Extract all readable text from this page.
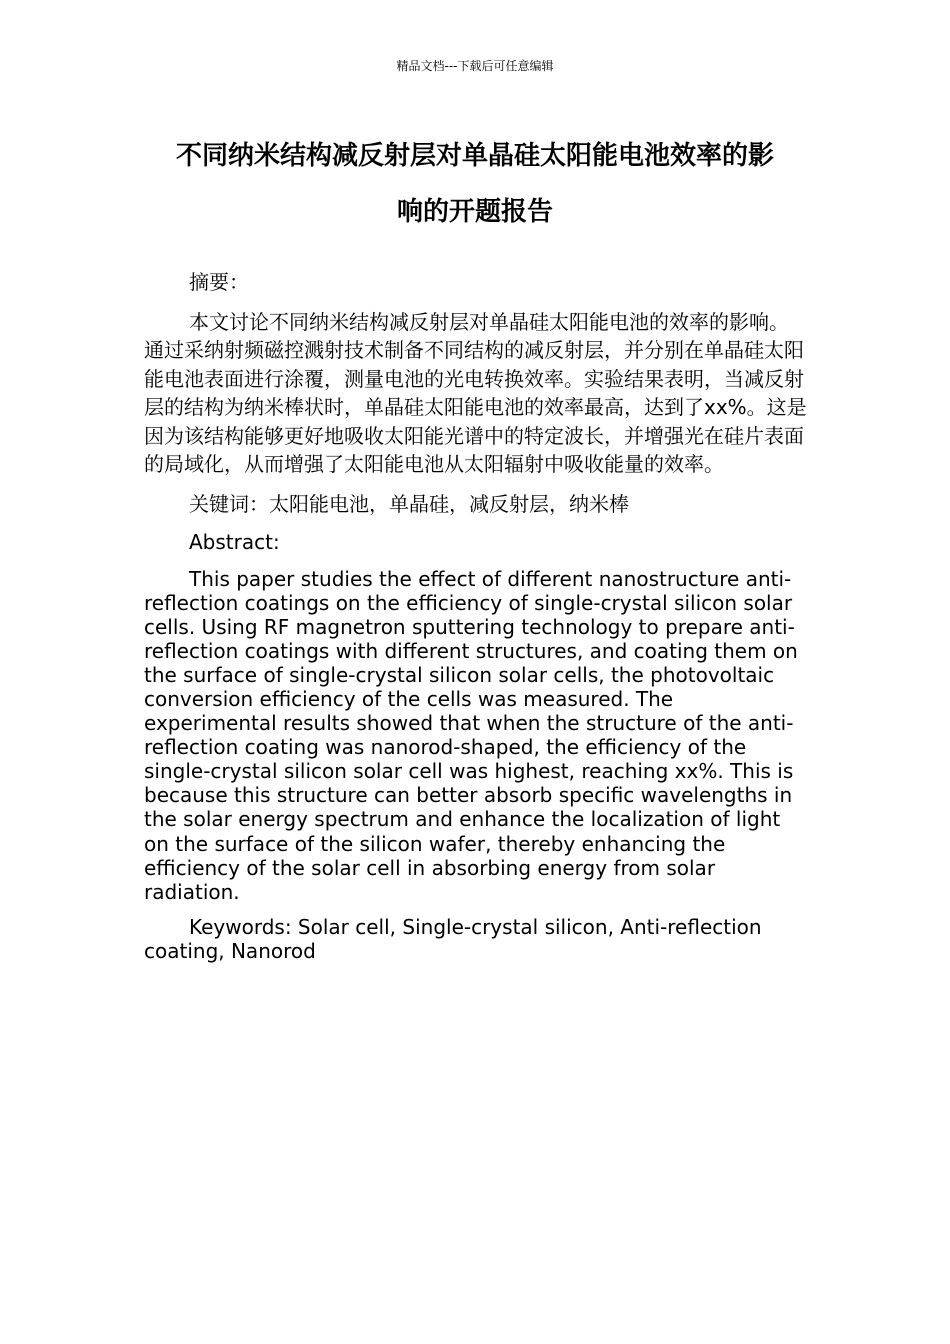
精品文档---下载后可任意编辑
不同纳米结构减反射层对单晶硅太阳能电池效率的影
响的开题报告

摘要：

本文讨论不同纳米结构减反射层对单晶硅太阳能电池的效率的影响。通过采纳射频磁控溅射技术制备不同结构的减反射层，并分别在单晶硅太阳能电池表面进行涂覆，测量电池的光电转换效率。实验结果表明，当减反射层的结构为纳米棒状时，单晶硅太阳能电池的效率最高，达到了xx%。这是因为该结构能够更好地吸收太阳能光谱中的特定波长，并增强光在硅片表面的局域化，从而增强了太阳能电池从太阳辐射中吸收能量的效率。

关键词：太阳能电池，单晶硅，减反射层，纳米棒

Abstract:

This paper studies the effect of different nanostructure anti-reflection coatings on the efficiency of single-crystal silicon solar cells. Using RF magnetron sputtering technology to prepare anti-reflection coatings with different structures, and coating them on the surface of single-crystal silicon solar cells, the photovoltaic conversion efficiency of the cells was measured. The experimental results showed that when the structure of the anti-reflection coating was nanorod-shaped, the efficiency of the single-crystal silicon solar cell was highest, reaching xx%. This is because this structure can better absorb specific wavelengths in the solar energy spectrum and enhance the localization of light on the surface of the silicon wafer, thereby enhancing the efficiency of the solar cell in absorbing energy from solar radiation.

Keywords: Solar cell, Single-crystal silicon, Anti-reflection coating, Nanorod
